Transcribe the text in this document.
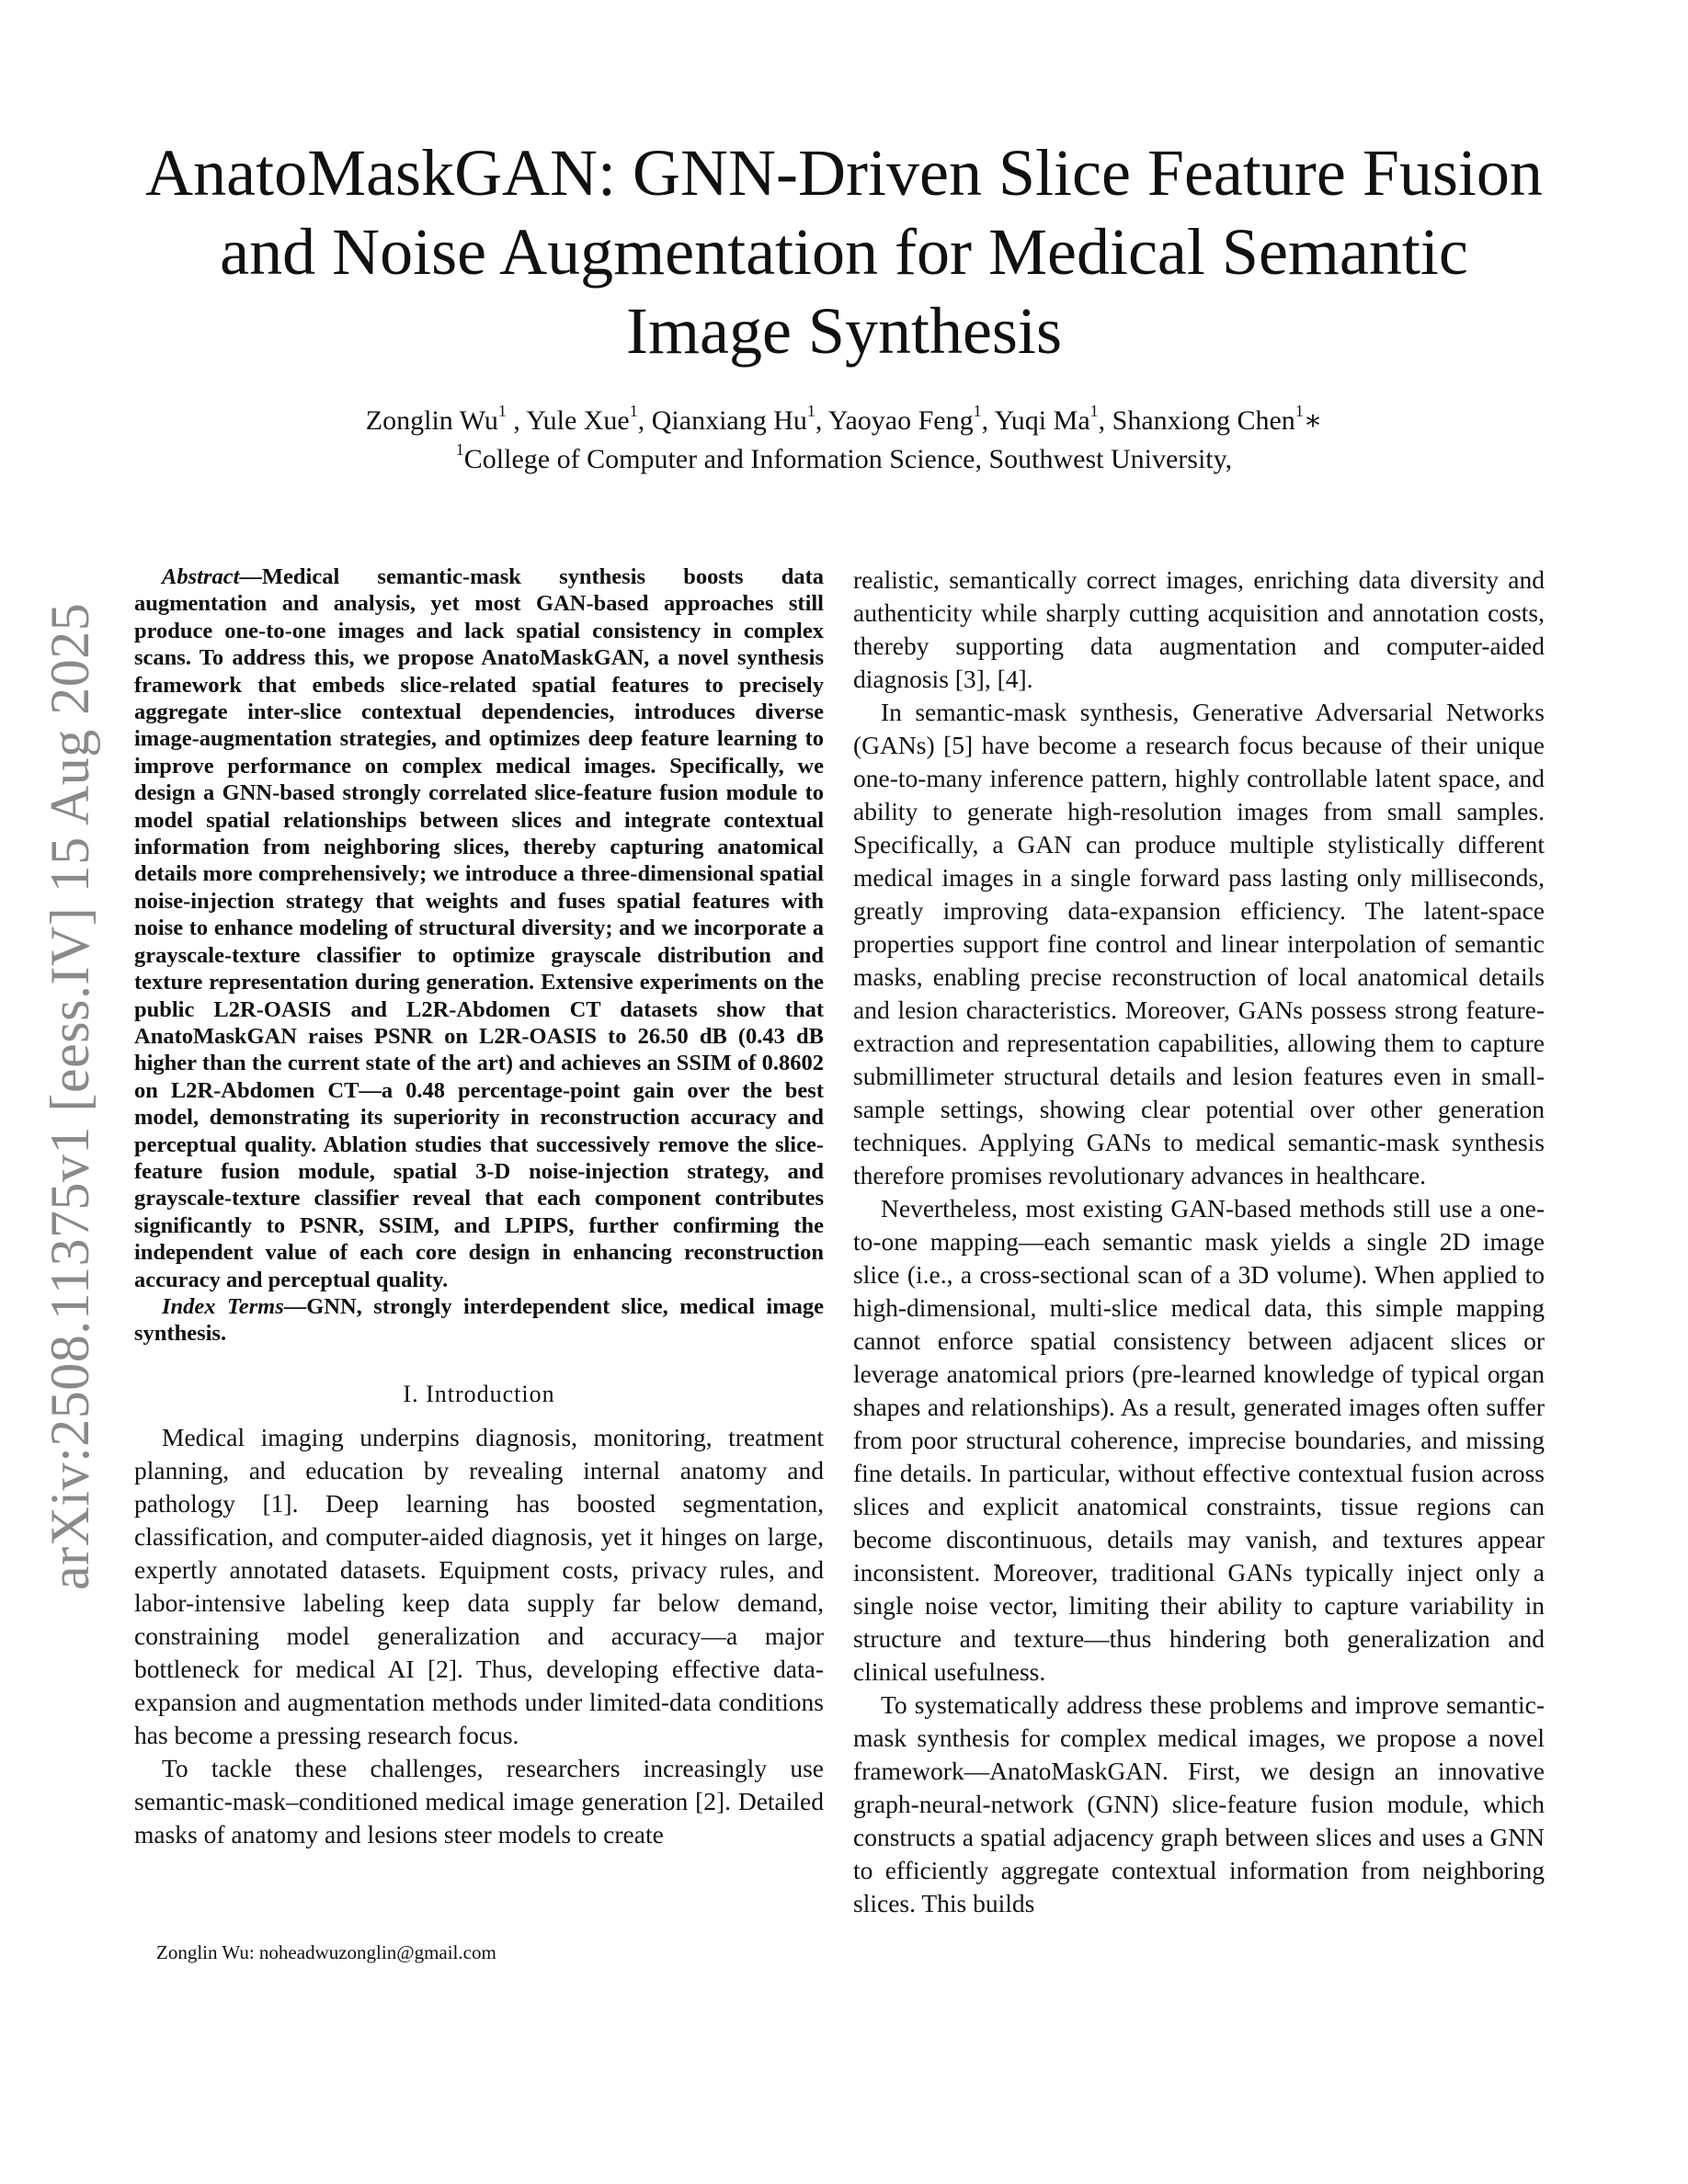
arXiv:2508.11375v1 [eess.IV] 15 Aug 2025
AnatoMaskGAN: GNN-Driven Slice Feature Fusion
and Noise Augmentation for Medical Semantic
Image Synthesis
Zonglin Wu$^1$ , Yule Xue$^1$, Qianxiang Hu$^1$, Yaoyao Feng$^1$, Yuqi Ma$^1$, Shanxiong Chen$^1$∗
$^1$College of Computer and Information Science, Southwest University,

Abstract—Medical semantic-mask synthesis boosts data augmentation and analysis, yet most GAN-based approaches still produce one-to-one images and lack spatial consistency in complex scans. To address this, we propose AnatoMaskGAN, a novel synthesis framework that embeds slice-related spatial features to precisely aggregate inter-slice contextual dependencies, introduces diverse image-augmentation strategies, and optimizes deep feature learning to improve performance on complex medical images. Specifically, we design a GNN-based strongly correlated slice-feature fusion module to model spatial relationships between slices and integrate contextual information from neighboring slices, thereby capturing anatomical details more comprehensively; we introduce a three-dimensional spatial noise-injection strategy that weights and fuses spatial features with noise to enhance modeling of structural diversity; and we incorporate a grayscale-texture classifier to optimize grayscale distribution and texture representation during generation. Extensive experiments on the public L2R-OASIS and L2R-Abdomen CT datasets show that AnatoMaskGAN raises PSNR on L2R-OASIS to 26.50 dB (0.43 dB higher than the current state of the art) and achieves an SSIM of 0.8602 on L2R-Abdomen CT—a 0.48 percentage-point gain over the best model, demonstrating its superiority in reconstruction accuracy and perceptual quality. Ablation studies that successively remove the slice-feature fusion module, spatial 3-D noise-injection strategy, and grayscale-texture classifier reveal that each component contributes significantly to PSNR, SSIM, and LPIPS, further confirming the independent value of each core design in enhancing reconstruction accuracy and perceptual quality.

Index Terms—GNN, strongly interdependent slice, medical image synthesis.

I. Introduction

Medical imaging underpins diagnosis, monitoring, treatment planning, and education by revealing internal anatomy and pathology [1]. Deep learning has boosted segmentation, classification, and computer-aided diagnosis, yet it hinges on large, expertly annotated datasets. Equipment costs, privacy rules, and labor-intensive labeling keep data supply far below demand, constraining model generalization and accuracy—a major bottleneck for medical AI [2]. Thus, developing effective data-expansion and augmentation methods under limited-data conditions has become a pressing research focus.

To tackle these challenges, researchers increasingly use semantic-mask–conditioned medical image generation [2]. Detailed masks of anatomy and lesions steer models to create

realistic, semantically correct images, enriching data diversity and authenticity while sharply cutting acquisition and annotation costs, thereby supporting data augmentation and computer-aided diagnosis [3], [4].

In semantic-mask synthesis, Generative Adversarial Networks (GANs) [5] have become a research focus because of their unique one-to-many inference pattern, highly controllable latent space, and ability to generate high-resolution images from small samples. Specifically, a GAN can produce multiple stylistically different medical images in a single forward pass lasting only milliseconds, greatly improving data-expansion efficiency. The latent-space properties support fine control and linear interpolation of semantic masks, enabling precise reconstruction of local anatomical details and lesion characteristics. Moreover, GANs possess strong feature-extraction and representation capabilities, allowing them to capture submillimeter structural details and lesion features even in small-sample settings, showing clear potential over other generation techniques. Applying GANs to medical semantic-mask synthesis therefore promises revolutionary advances in healthcare.

Nevertheless, most existing GAN-based methods still use a one-to-one mapping—each semantic mask yields a single 2D image slice (i.e., a cross-sectional scan of a 3D volume). When applied to high-dimensional, multi-slice medical data, this simple mapping cannot enforce spatial consistency between adjacent slices or leverage anatomical priors (pre-learned knowledge of typical organ shapes and relationships). As a result, generated images often suffer from poor structural coherence, imprecise boundaries, and missing fine details. In particular, without effective contextual fusion across slices and explicit anatomical constraints, tissue regions can become discontinuous, details may vanish, and textures appear inconsistent. Moreover, traditional GANs typically inject only a single noise vector, limiting their ability to capture variability in structure and texture—thus hindering both generalization and clinical usefulness.

To systematically address these problems and improve semantic-mask synthesis for complex medical images, we propose a novel framework—AnatoMaskGAN. First, we design an innovative graph-neural-network (GNN) slice-feature fusion module, which constructs a spatial adjacency graph between slices and uses a GNN to efficiently aggregate contextual information from neighboring slices. This builds

Zonglin Wu: noheadwuzonglin@gmail.com
